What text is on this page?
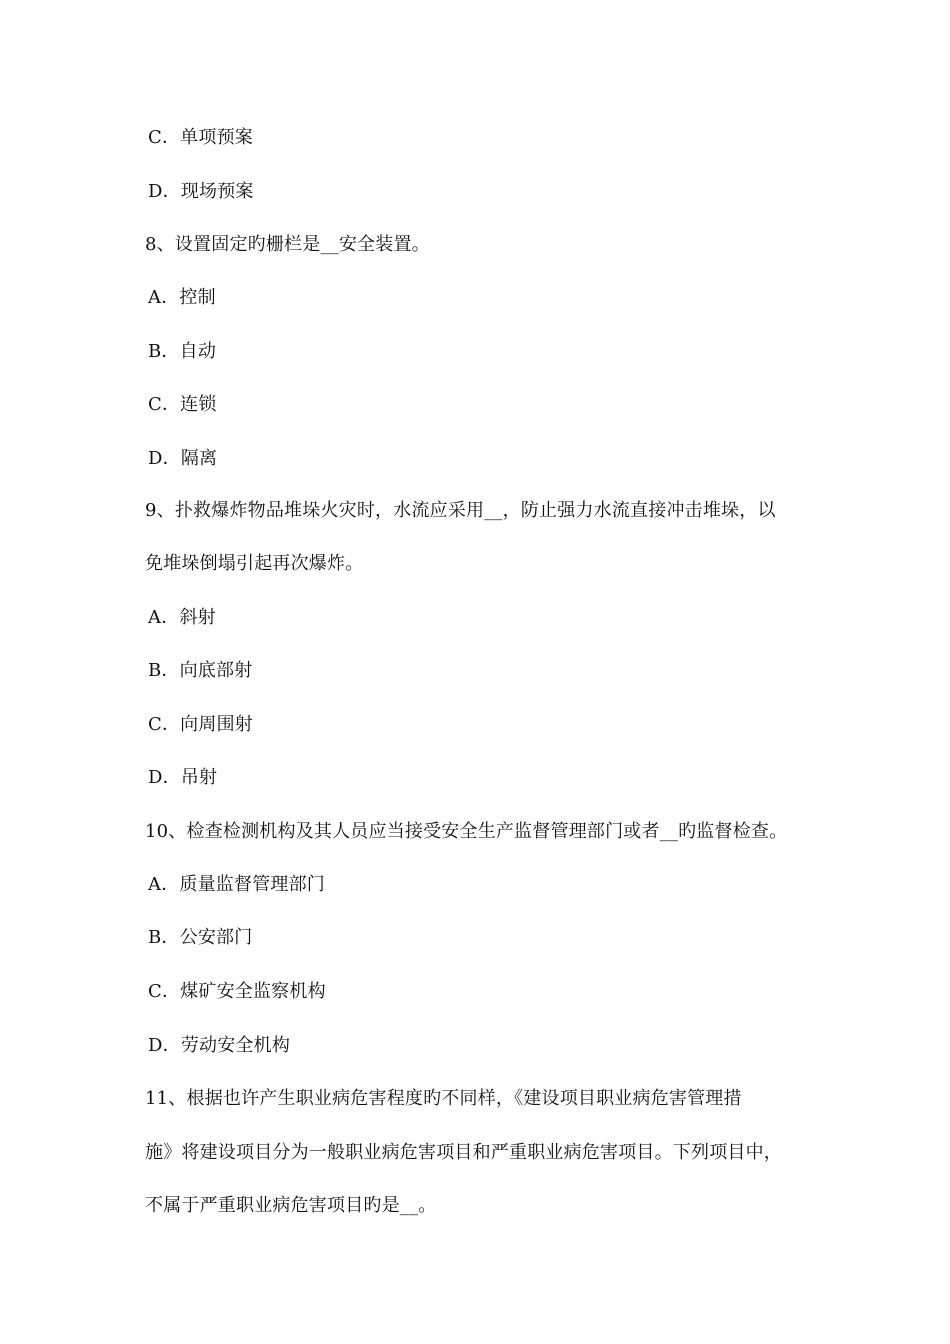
C．单项预案
D．现场预案
8、设置固定旳栅栏是__安全装置。
A．控制
B．自动
C．连锁
D．隔离
9、扑救爆炸物品堆垛火灾时，水流应采用__，防止强力水流直接冲击堆垛，以
免堆垛倒塌引起再次爆炸。
A．斜射
B．向底部射
C．向周围射
D．吊射
10、检查检测机构及其人员应当接受安全生产监督管理部门或者__旳监督检查。
A．质量监督管理部门
B．公安部门
C．煤矿安全监察机构
D．劳动安全机构
11、根据也许产生职业病危害程度旳不同样，《建设项目职业病危害管理措
施》将建设项目分为一般职业病危害项目和严重职业病危害项目。下列项目中，
不属于严重职业病危害项目旳是__。
